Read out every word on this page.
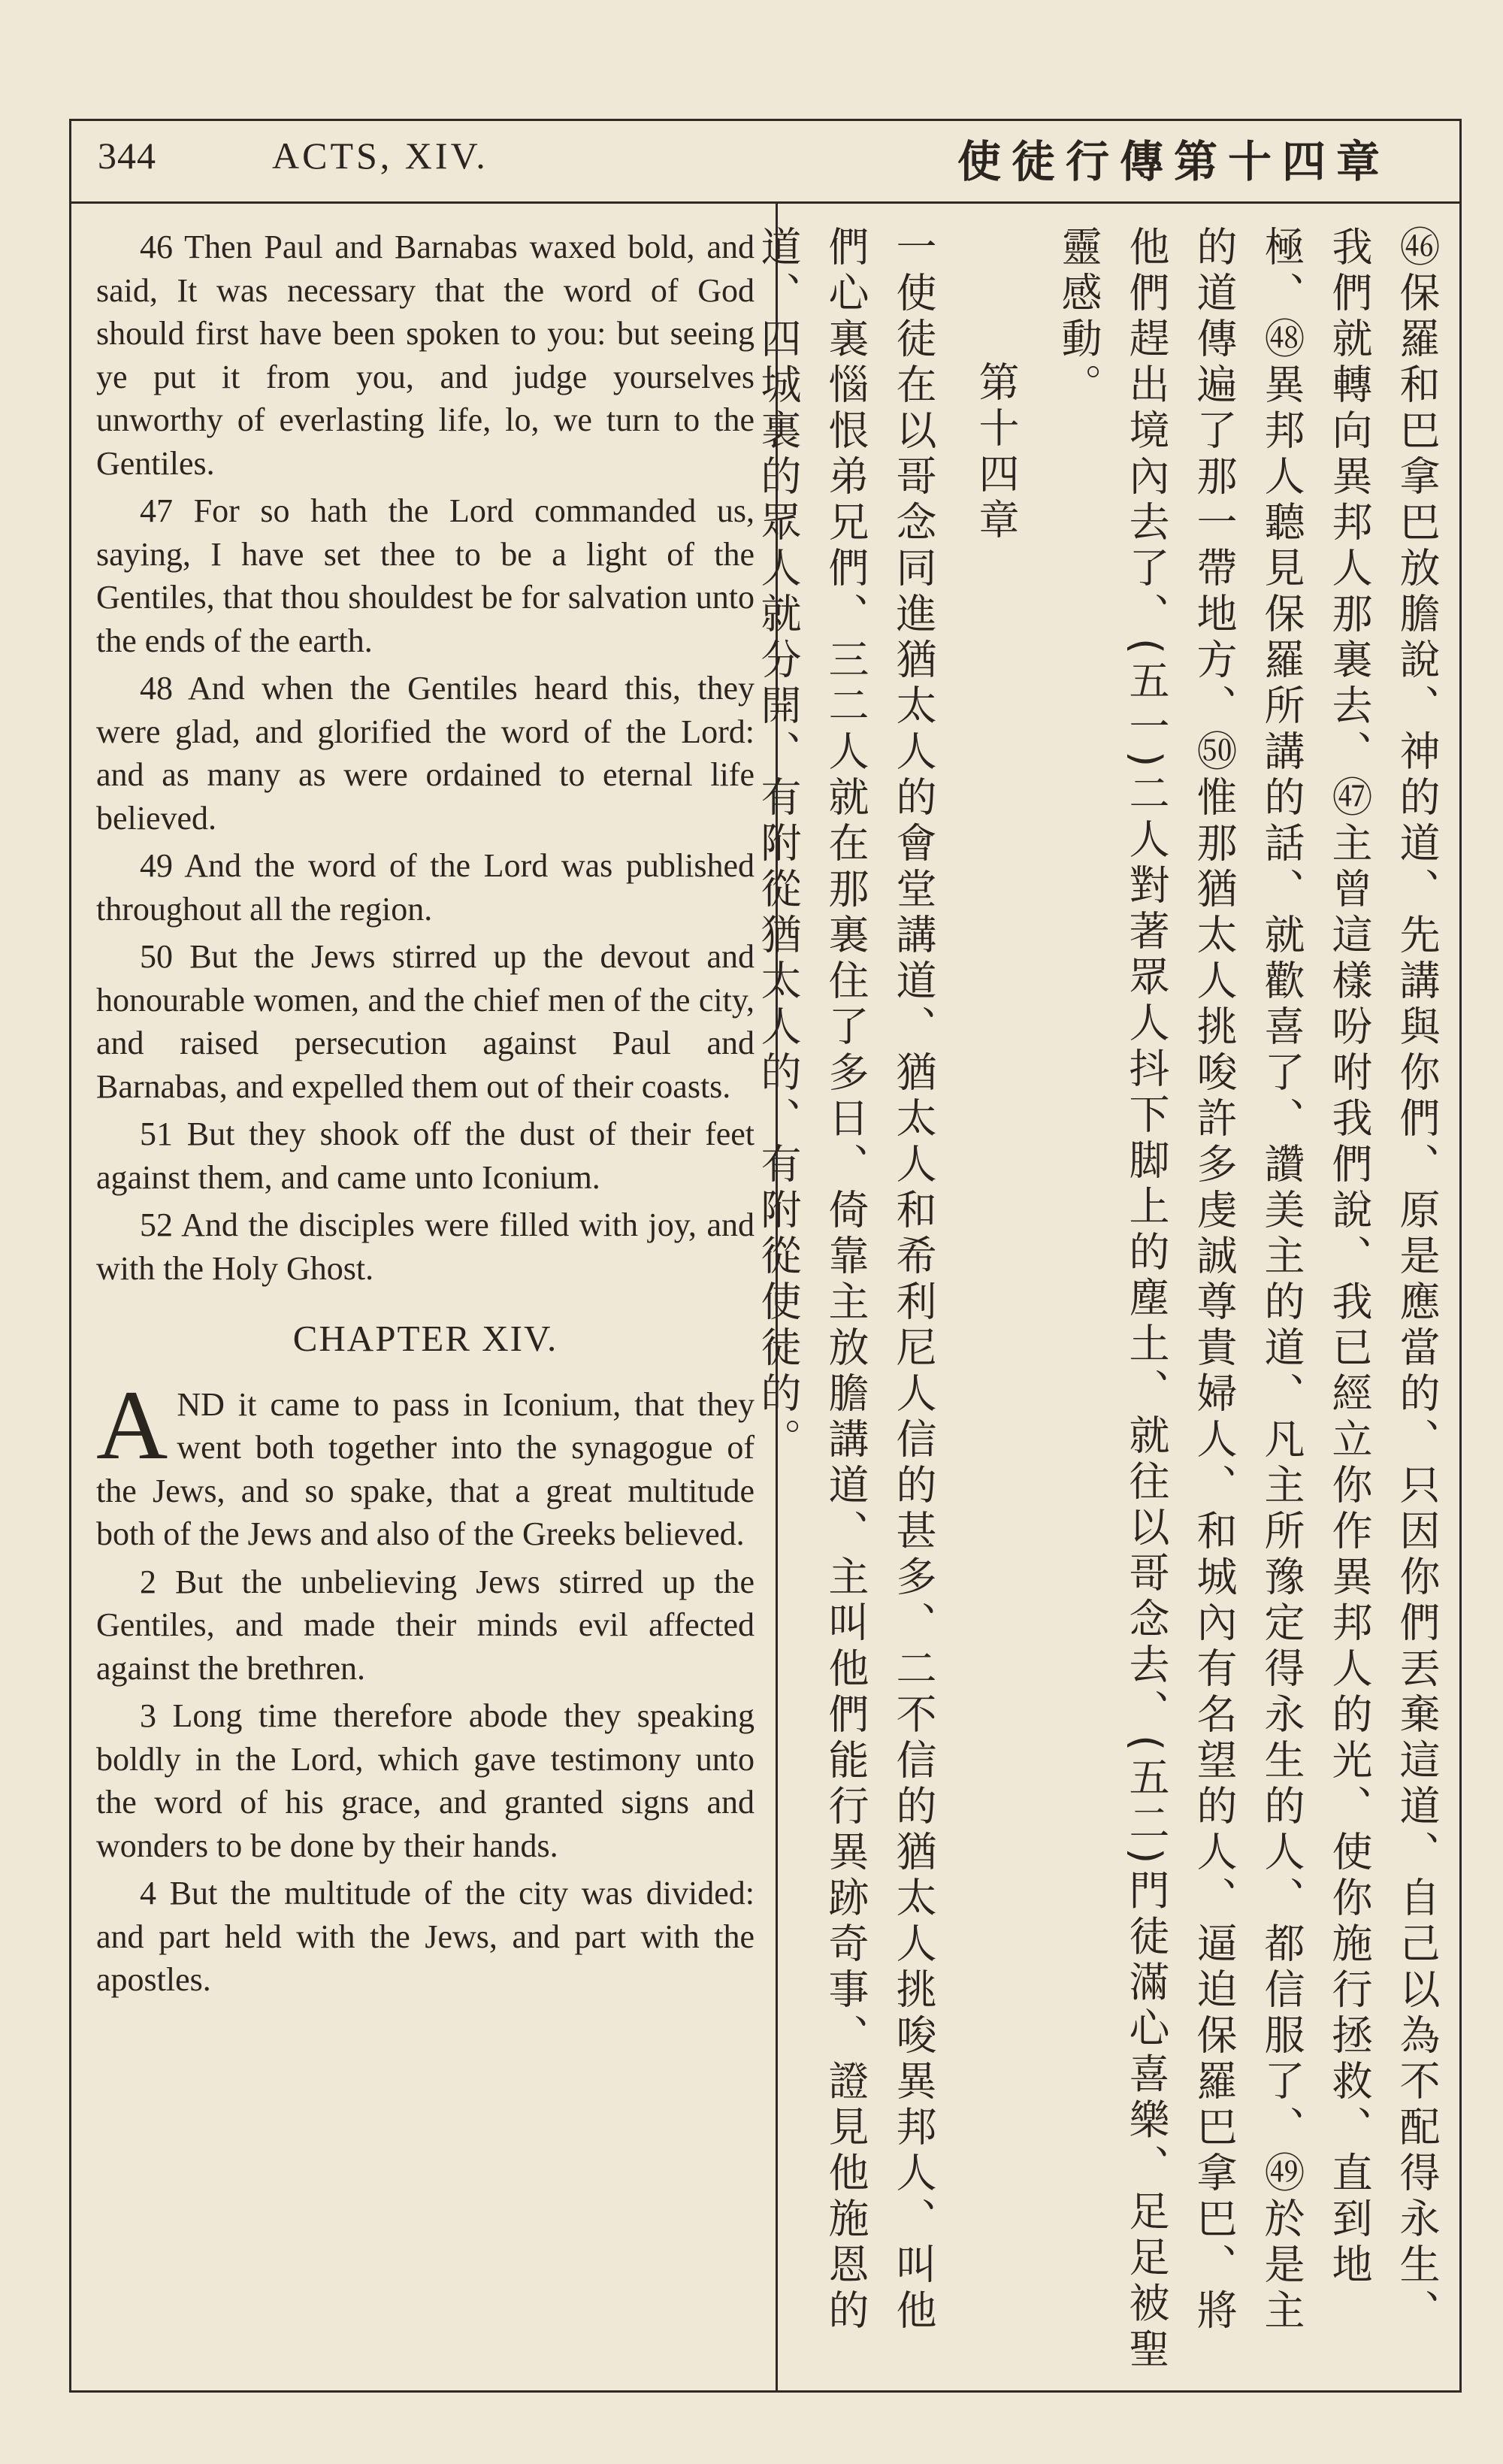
344	ACTS, XIV.	使徒行傳第十四章

46 Then Paul and Barnabas waxed bold, and said, It was necessary that the word of God should first have been spoken to you: but seeing ye put it from you, and judge yourselves unworthy of everlasting life, lo, we turn to the Gentiles.

47 For so hath the Lord commanded us, saying, I have set thee to be a light of the Gentiles, that thou shouldest be for salvation unto the ends of the earth.

48 And when the Gentiles heard this, they were glad, and glorified the word of the Lord: and as many as were ordained to eternal life believed.

49 And the word of the Lord was published throughout all the region.

50 But the Jews stirred up the devout and honourable women, and the chief men of the city, and raised persecution against Paul and Barnabas, and expelled them out of their coasts.

51 But they shook off the dust of their feet against them, and came unto Iconium.

52 And the disciples were filled with joy, and with the Holy Ghost.

CHAPTER XIV.

AND it came to pass in Iconium, that they went both together into the synagogue of the Jews, and so spake, that a great multitude both of the Jews and also of the Greeks believed.

2 But the unbelieving Jews stirred up the Gentiles, and made their minds evil affected against the brethren.

3 Long time therefore abode they speaking boldly in the Lord, which gave testimony unto the word of his grace, and granted signs and wonders to be done by their hands.

4 But the multitude of the city was divided: and part held with the Jews, and part with the apostles.	㊻保羅和巴拿巴放膽說、神的道、先講與你們、原是應當的、只因你們丟棄這道、自己以為不配得永生、我們就轉向異邦人那裏去、㊼主曾這樣吩咐我們說、我已經立你作異邦人的光、使你施行拯救、直到地極、㊽異邦人聽見保羅所講的話、就歡喜了、讚美主的道、凡主所豫定得永生的人、都信服了、㊾於是主的道傳遍了那一帶地方、㊿惟那猶太人挑唆許多虔誠尊貴婦人、和城內有名望的人、逼迫保羅巴拿巴、將他們趕出境內去了、(五一)二人對著眾人抖下脚上的塵土、就往以哥念去、(五二)門徒滿心喜樂、足足被聖靈感動。

第十四章

一使徒在以哥念同進猶太人的會堂講道、猶太人和希利尼人信的甚多、二不信的猶太人挑唆異邦人、叫他們心裏惱恨弟兄們、三二人就在那裏住了多日、倚靠主放膽講道、主叫他們能行異跡奇事、證見他施恩的道、四城裏的眾人就分開、有附從猶太人的、有附從使徒的。
